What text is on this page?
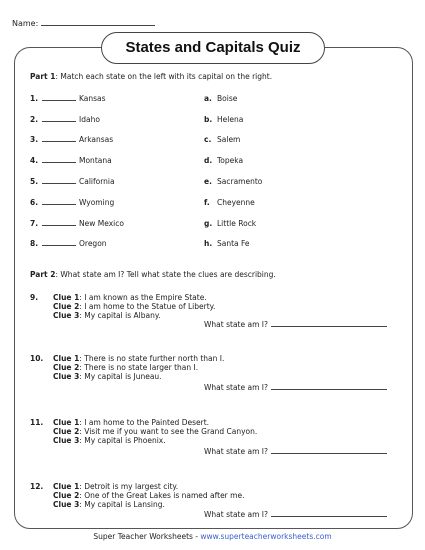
Name:
States and Capitals Quiz
Part 1: Match each state on the left with its capital on the right.
1.	Kansas
2.	Idaho
3.	Arkansas
4.	Montana
5.	California
6.	Wyoming
7.	New Mexico
8.	Oregon
a. Boise
b. Helena
c. Salem
d. Topeka
e. Sacramento
f. Cheyenne
g. Little Rock
h. Santa Fe
Part 2: What state am I? Tell what state the clues are describing.
9. Clue 1: I am known as the Empire State.
Clue 2: I am home to the Statue of Liberty.
Clue 3: My capital is Albany.
What state am I?
10. Clue 1: There is no state further north than I.
Clue 2: There is no state larger than I.
Clue 3: My capital is Juneau.
What state am I?
11. Clue 1: I am home to the Painted Desert.
Clue 2: Visit me if you want to see the Grand Canyon.
Clue 3: My capital is Phoenix.
What state am I?
12. Clue 1: Detroit is my largest city.
Clue 2: One of the Great Lakes is named after me.
Clue 3: My capital is Lansing.
What state am I?
Super Teacher Worksheets - www.superteacherworksheets.com
